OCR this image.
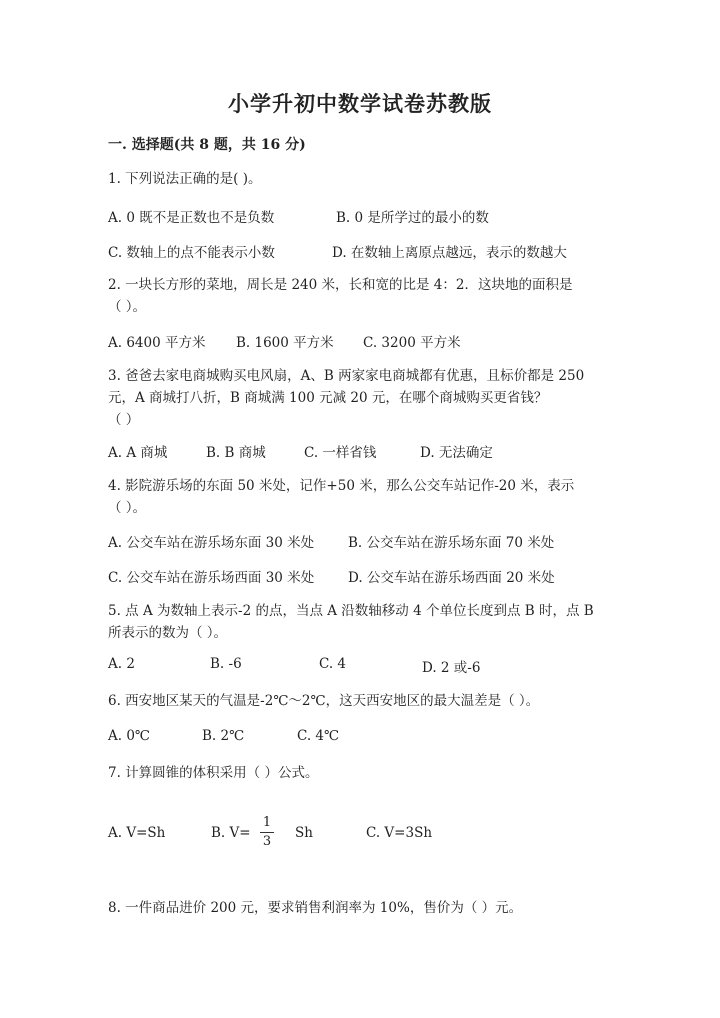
小学升初中数学试卷苏教版
一. 选择题(共 8 题，共 16 分)
1. 下列说法正确的是( )。
A. 0 既不是正数也不是负数	B. 0 是所学过的最小的数
C. 数轴上的点不能表示小数	D. 在数轴上离原点越远，表示的数越大
2. 一块长方形的菜地，周长是 240 米，长和宽的比是 4：2．这块地的面积是
（ ）。
A. 6400 平方米 B. 1600 平方米 C. 3200 平方米
3. 爸爸去家电商城购买电风扇，A、B 两家家电商城都有优惠，且标价都是 250
元，A 商城打八折，B 商城满 100 元减 20 元，在哪个商城购买更省钱？
（ ）
A. A 商城	B. B 商城	C. 一样省钱	D. 无法确定
4. 影院游乐场的东面 50 米处，记作+50 米，那么公交车站记作-20 米，表示
（ ）。
A. 公交车站在游乐场东面 30 米处	B. 公交车站在游乐场东面 70 米处
C. 公交车站在游乐场西面 30 米处	D. 公交车站在游乐场西面 20 米处
5. 点 A 为数轴上表示-2 的点，当点 A 沿数轴移动 4 个单位长度到点 B 时，点 B
所表示的数为（ ）。
A. 2	B. -6	C. 4	D. 2 或-6
6. 西安地区某天的气温是-2℃～2℃，这天西安地区的最大温差是（ ）。
A. 0℃	B. 2℃	C. 4℃
7. 计算圆锥的体积采用（ ）公式。
A. V=Sh	B. V=	Sh	C. V=3Sh
1
3
8. 一件商品进价 200 元，要求销售利润率为 10%，售价为（ ）元。
